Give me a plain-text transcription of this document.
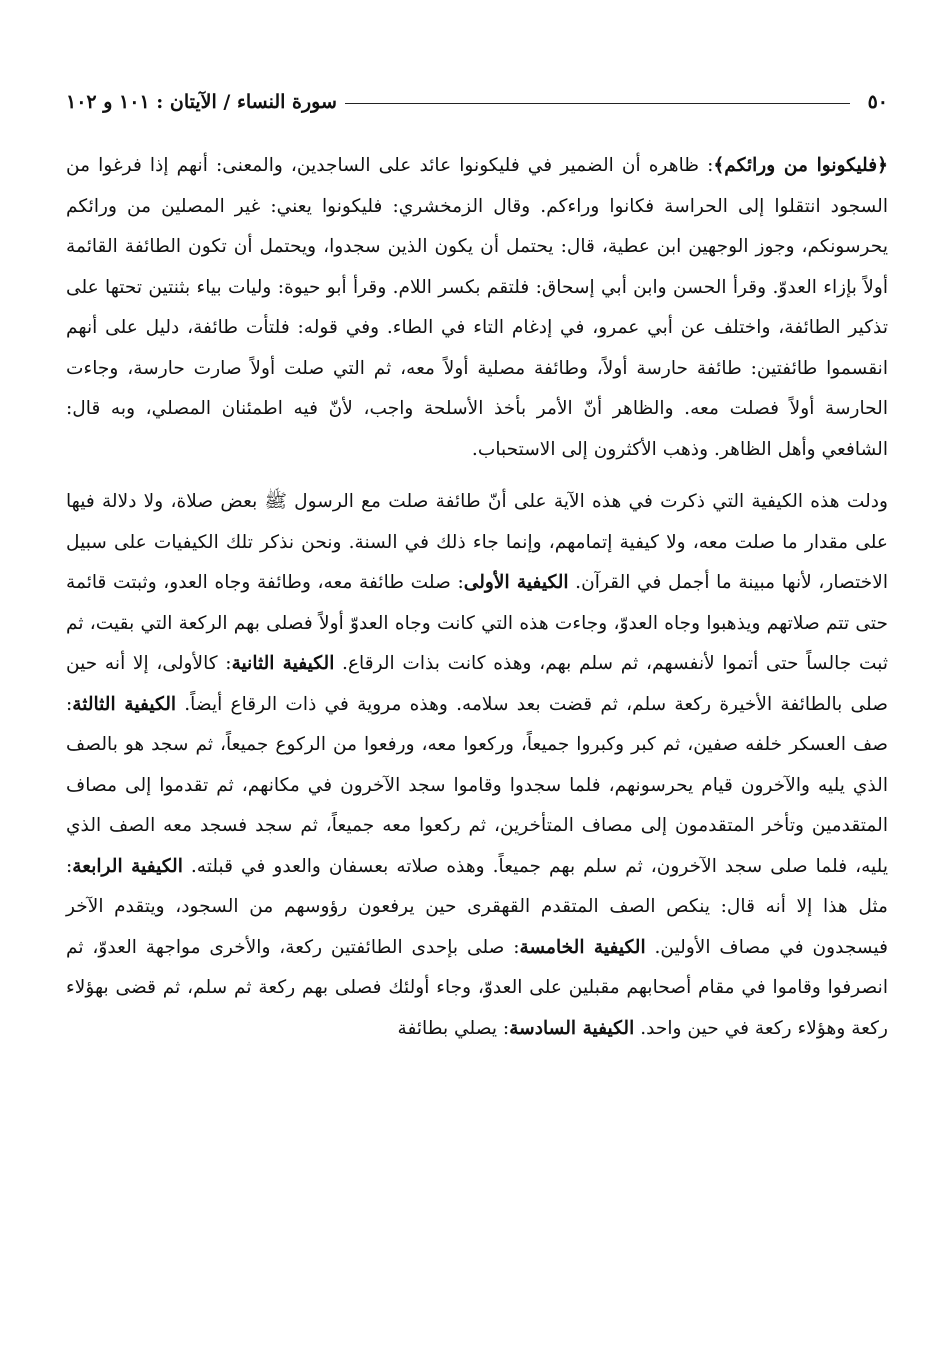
٥٠
سورة النساء / الآيتان : ١٠١ و ١٠٢

﴿فليكونوا من ورائكم﴾: ظاهره أن الضمير في فليكونوا عائد على الساجدين، والمعنى: أنهم إذا فرغوا من السجود انتقلوا إلى الحراسة فكانوا وراءكم. وقال الزمخشري: فليكونوا يعني: غير المصلين من ورائكم يحرسونكم، وجوز الوجهين ابن عطية، قال: يحتمل أن يكون الذين سجدوا، ويحتمل أن تكون الطائفة القائمة أولاً بإزاء العدوّ. وقرأ الحسن وابن أبي إسحاق: فلتقم بكسر اللام. وقرأ أبو حيوة: وليات بياء بثنتين تحتها على تذكير الطائفة، واختلف عن أبي عمرو، في إدغام التاء في الطاء. وفي قوله: فلتأت طائفة، دليل على أنهم انقسموا طائفتين: طائفة حارسة أولاً، وطائفة مصلية أولاً معه، ثم التي صلت أولاً صارت حارسة، وجاءت الحارسة أولاً فصلت معه. والظاهر أنّ الأمر بأخذ الأسلحة واجب، لأنّ فيه اطمئنان المصلي، وبه قال: الشافعي وأهل الظاهر. وذهب الأكثرون إلى الاستحباب.

ودلت هذه الكيفية التي ذكرت في هذه الآية على أنّ طائفة صلت مع الرسول ﷺ بعض صلاة، ولا دلالة فيها على مقدار ما صلت معه، ولا كيفية إتمامهم، وإنما جاء ذلك في السنة. ونحن نذكر تلك الكيفيات على سبيل الاختصار، لأنها مبينة ما أجمل في القرآن. الكيفية الأولى: صلت طائفة معه، وطائفة وجاه العدو، وثبتت قائمة حتى تتم صلاتهم ويذهبوا وجاه العدوّ، وجاءت هذه التي كانت وجاه العدوّ أولاً فصلى بهم الركعة التي بقيت، ثم ثبت جالساً حتى أتموا لأنفسهم، ثم سلم بهم، وهذه كانت بذات الرقاع. الكيفية الثانية: كالأولى، إلا أنه حين صلى بالطائفة الأخيرة ركعة سلم، ثم قضت بعد سلامه. وهذه مروية في ذات الرقاع أيضاً. الكيفية الثالثة: صف العسكر خلفه صفين، ثم كبر وكبروا جميعاً، وركعوا معه، ورفعوا من الركوع جميعاً، ثم سجد هو بالصف الذي يليه والآخرون قيام يحرسونهم، فلما سجدوا وقاموا سجد الآخرون في مكانهم، ثم تقدموا إلى مصاف المتقدمين وتأخر المتقدمون إلى مصاف المتأخرين، ثم ركعوا معه جميعاً، ثم سجد فسجد معه الصف الذي يليه، فلما صلى سجد الآخرون، ثم سلم بهم جميعاً. وهذه صلاته بعسفان والعدو في قبلته. الكيفية الرابعة: مثل هذا إلا أنه قال: ينكص الصف المتقدم القهقرى حين يرفعون رؤوسهم من السجود، ويتقدم الآخر فيسجدون في مصاف الأولين. الكيفية الخامسة: صلى بإحدى الطائفتين ركعة، والأخرى مواجهة العدوّ، ثم انصرفوا وقاموا في مقام أصحابهم مقبلين على العدوّ، وجاء أولئك فصلى بهم ركعة ثم سلم، ثم قضى بهؤلاء ركعة وهؤلاء ركعة في حين واحد. الكيفية السادسة: يصلي بطائفة
